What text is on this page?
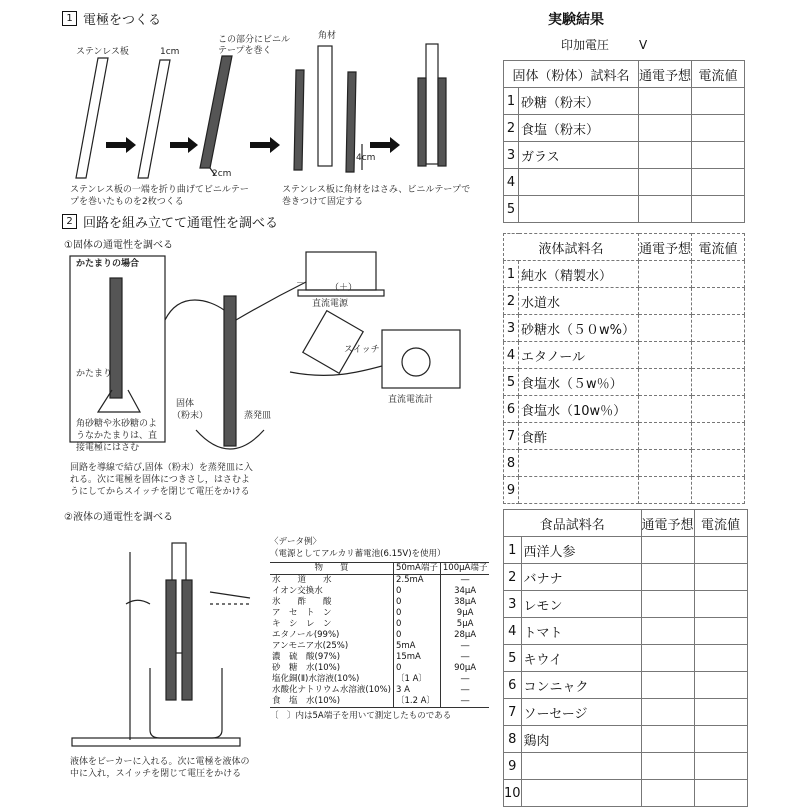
1 電極をつくる
ステンレス板	1cm
この部分にビニル
テープを巻く
角材
2cm
4cm
ステンレス板の一端を折り曲げてビニルテー
プを巻いたものを2枚つくる
ステンレス板に角材をはさみ、ビニルテープで
巻きつけて固定する
2 回路を組み立てて通電性を調べる
①固体の通電性を調べる
かたまりの場合
かたまり
角砂糖や氷砂糖のよ
うなかたまりは、直
接電極にはさむ
－	（＋）
直流電源
スイッチ
直流電流計
固体
（粉末）	蒸発皿
回路を導線で結び,固体（粉末）を蒸発皿に入
れる。次に電極を固体につきさし，はさむよ
うにしてからスイッチを閉じて電圧をかける
②液体の通電性を調べる
液体をビーカーに入れる。次に電極を液体の
中に入れ，スイッチを閉じて電圧をかける
〈データ例〉
（電源としてアルカリ蓄電池(6.15V)を使用）
物　　質	50mA端子	100μA端子
水　　道　　水	2.5mA	―
イオン交換水	0	34μA
氷　　酢　　酸	0	38μA
ア　セ　ト　ン	0	9μA
キ　シ　レ　ン	0	5μA
エタノール(99%)	0	28μA
アンモニア水(25%)	5mA	―
濃　硫　酸(97%)	15mA	―
砂　糖　水(10%)	0	90μA
塩化銅(Ⅱ)水溶液(10%)	〔1 A〕	―
水酸化ナトリウム水溶液(10%)	3 A	―
食　塩　水(10%)	〔1.2 A〕	―
〔　〕内は5A端子を用いて測定したものである
実験結果
印加電圧	V
固体（粉体）試料名		通電予想	電流値
1	砂糖（粉末）		
2	食塩（粉末）		
3	ガラス		
4			
5			
液体試料名		通電予想	電流値
1	純水（精製水）		
2	水道水		
3	砂糖水（５０w%）		
4	エタノール		
5	食塩水（５w％）		
6	食塩水（10w％）		
7	食酢		
8			
9			
食品試料名		通電予想	電流値
1	西洋人参		
2	バナナ		
3	レモン		
4	トマト		
5	キウイ		
6	コンニャク		
7	ソーセージ		
8	鶏肉		
9			
10			
